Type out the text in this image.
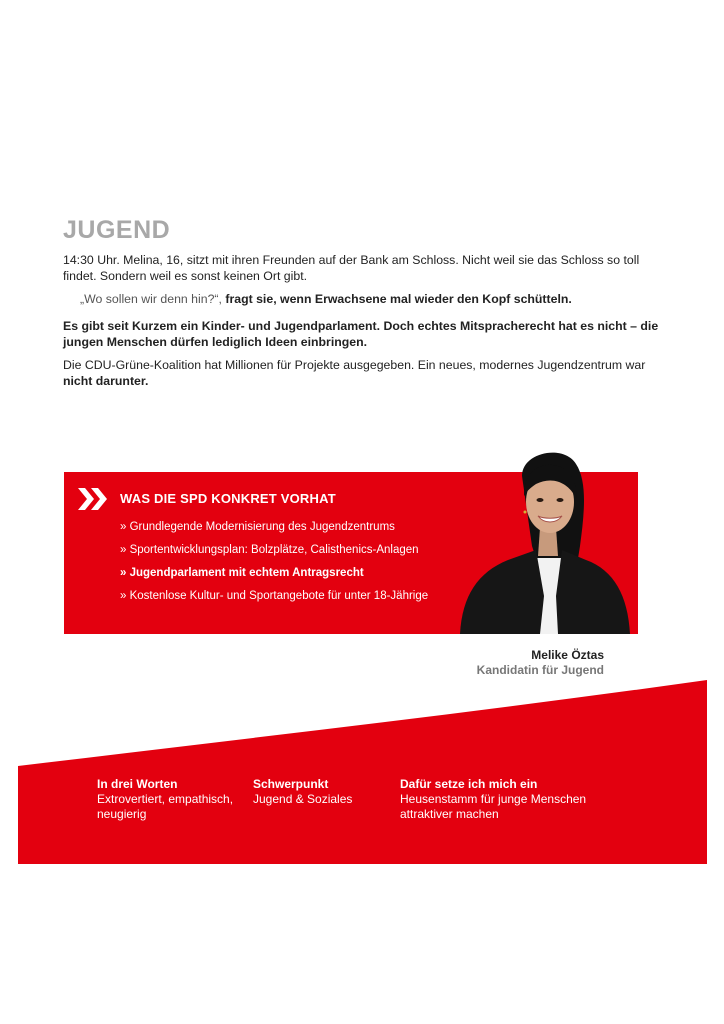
JUGEND

14:30 Uhr. Melina, 16, sitzt mit ihren Freunden auf der Bank am Schloss. Nicht weil sie das Schloss so toll findet. Sondern weil es sonst keinen Ort gibt.

„Wo sollen wir denn hin?“, fragt sie, wenn Erwachsene mal wieder den Kopf schütteln.

Es gibt seit Kurzem ein Kinder- und Jugendparlament. Doch echtes Mitspracherecht hat es nicht – die jungen Menschen dürfen lediglich Ideen einbringen.

Die CDU-Grüne-Koalition hat Millionen für Projekte ausgegeben. Ein neues, modernes Jugendzentrum war nicht darunter.

WAS DIE SPD KONKRET VORHAT
» Grundlegende Modernisierung des Jugendzentrums
» Sportentwicklungsplan: Bolzplätze, Calisthenics-Anlagen
» Jugendparlament mit echtem Antragsrecht
» Kostenlose Kultur- und Sportangebote für unter 18-Jährige

Melike Öztas

Kandidatin für Jugend

In drei Worten
Extrovertiert, empathisch, neugierig
Schwerpunkt
Jugend & Soziales
Dafür setze ich mich ein
Heusenstamm für junge Menschen attraktiver machen
